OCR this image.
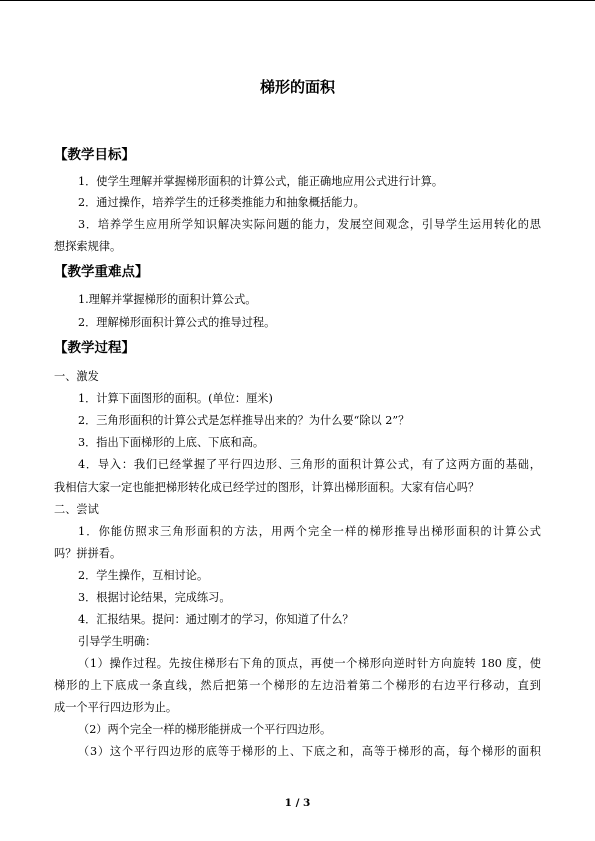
梯形的面积
【教学目标】
1．使学生理解并掌握梯形面积的计算公式，能正确地应用公式进行计算。
2．通过操作，培养学生的迁移类推能力和抽象概括能力。
3．培养学生应用所学知识解决实际问题的能力，发展空间观念，引导学生运用转化的思
想探索规律。
【教学重难点】
1.理解并掌握梯形的面积计算公式。
2．理解梯形面积计算公式的推导过程。
【教学过程】
一、激发
1．计算下面图形的面积。(单位：厘米)
2．三角形面积的计算公式是怎样推导出来的？为什么要“除以 2”？
3．指出下面梯形的上底、下底和高。
4．导入：我们已经掌握了平行四边形、三角形的面积计算公式，有了这两方面的基础，
我相信大家一定也能把梯形转化成已经学过的图形，计算出梯形面积。大家有信心吗？
二、尝试
1．你能仿照求三角形面积的方法，用两个完全一样的梯形推导出梯形面积的计算公式
吗？拼拼看。
2．学生操作，互相讨论。
3．根据讨论结果，完成练习。
4．汇报结果。提问：通过刚才的学习，你知道了什么？
引导学生明确：
（1）操作过程。先按住梯形右下角的顶点，再使一个梯形向逆时针方向旋转 180 度，使
梯形的上下底成一条直线，然后把第一个梯形的左边沿着第二个梯形的右边平行移动，直到
成一个平行四边形为止。
（2）两个完全一样的梯形能拼成一个平行四边形。
（3）这个平行四边形的底等于梯形的上、下底之和，高等于梯形的高，每个梯形的面积
1 / 3
